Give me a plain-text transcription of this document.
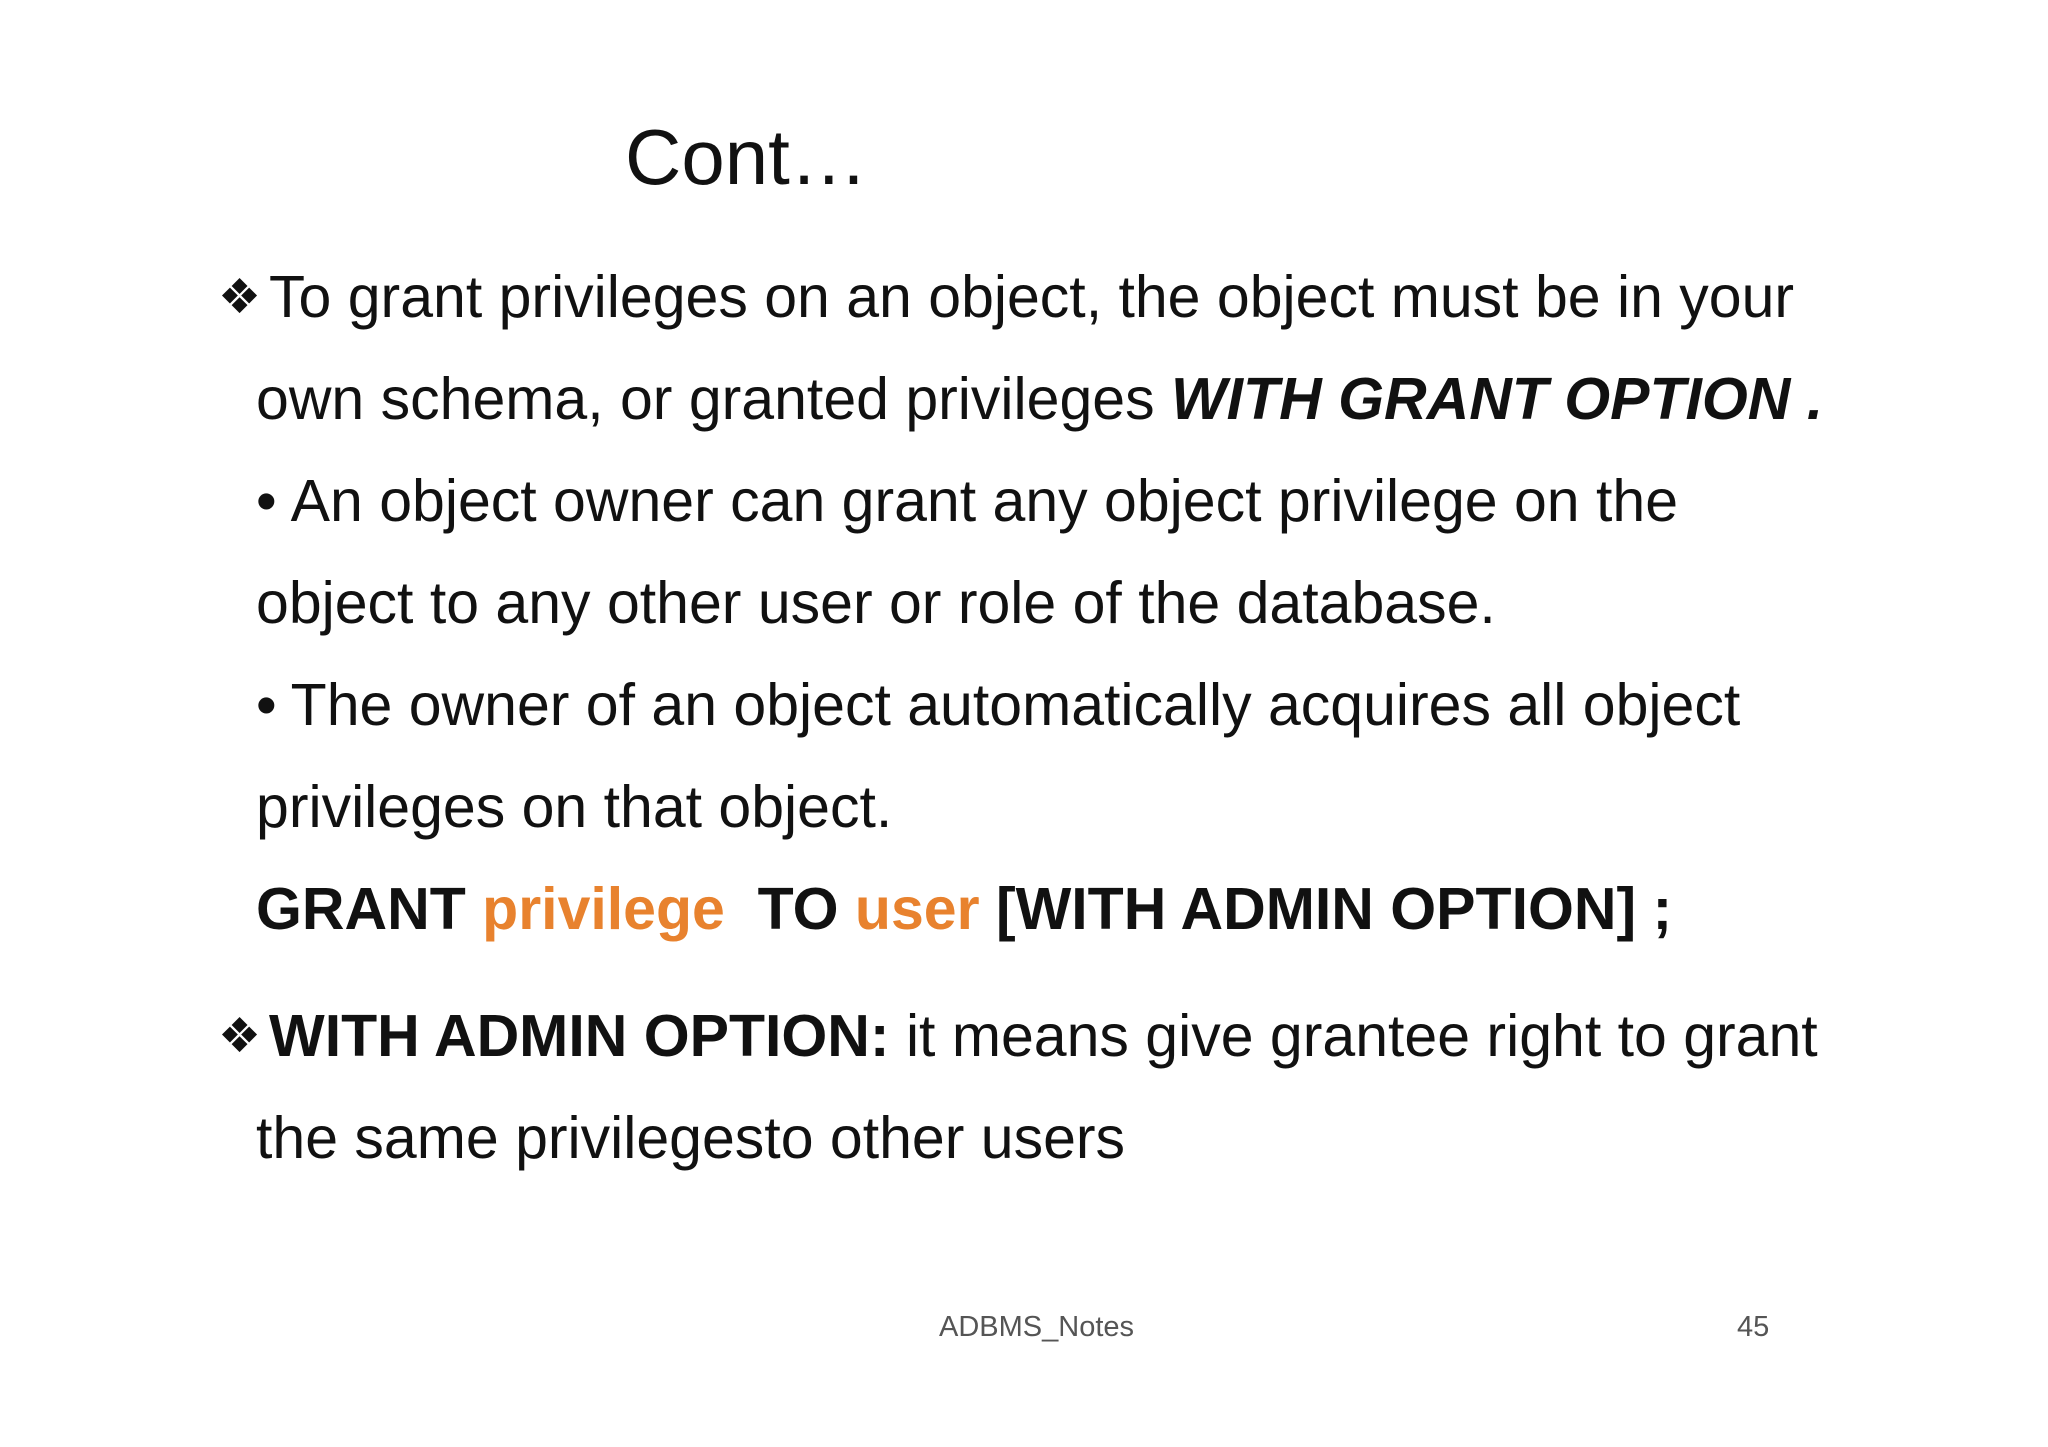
Cont…
❖ To grant privileges on an object, the object must be in your
own schema, or granted privileges WITH GRANT OPTION .
• An object owner can grant any object privilege on the
object to any other user or role of the database.
• The owner of an object automatically acquires all object
privileges on that object.
GRANT privilege TO user [WITH ADMIN OPTION] ;
❖ WITH ADMIN OPTION: it means give grantee right to grant
the same privilegesto other users
ADBMS_Notes	45
